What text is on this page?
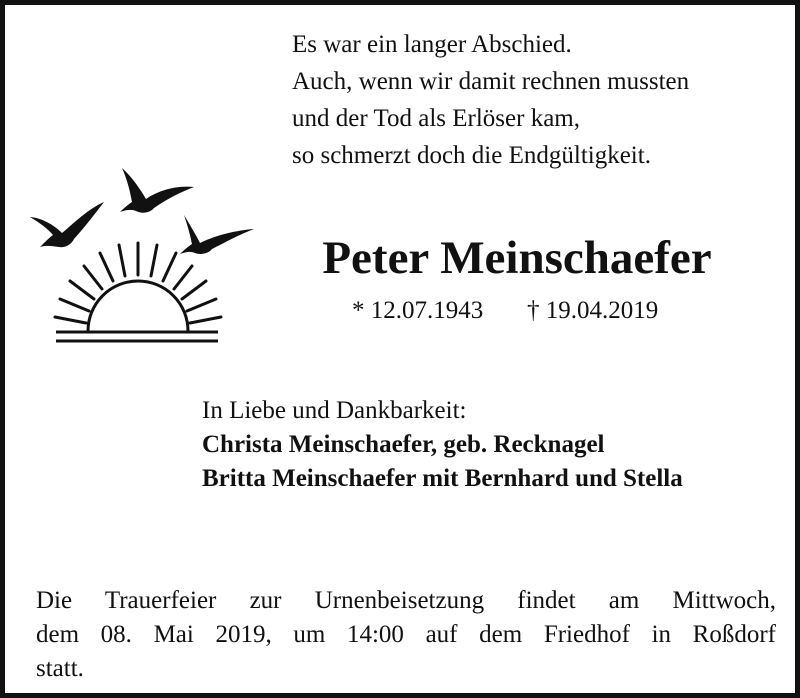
Es war ein langer Abschied.
Auch, wenn wir damit rechnen mussten
und der Tod als Erlöser kam,
so schmerzt doch die Endgültigkeit.
Peter Meinschaefer
* 12.07.1943 † 19.04.2019
In Liebe und Dankbarkeit:
Christa Meinschaefer, geb. Recknagel
Britta Meinschaefer mit Bernhard und Stella
Die Trauerfeier zur Urnenbeisetzung findet am Mittwoch,
dem 08. Mai 2019, um 14:00 auf dem Friedhof in Roßdorf
statt.
